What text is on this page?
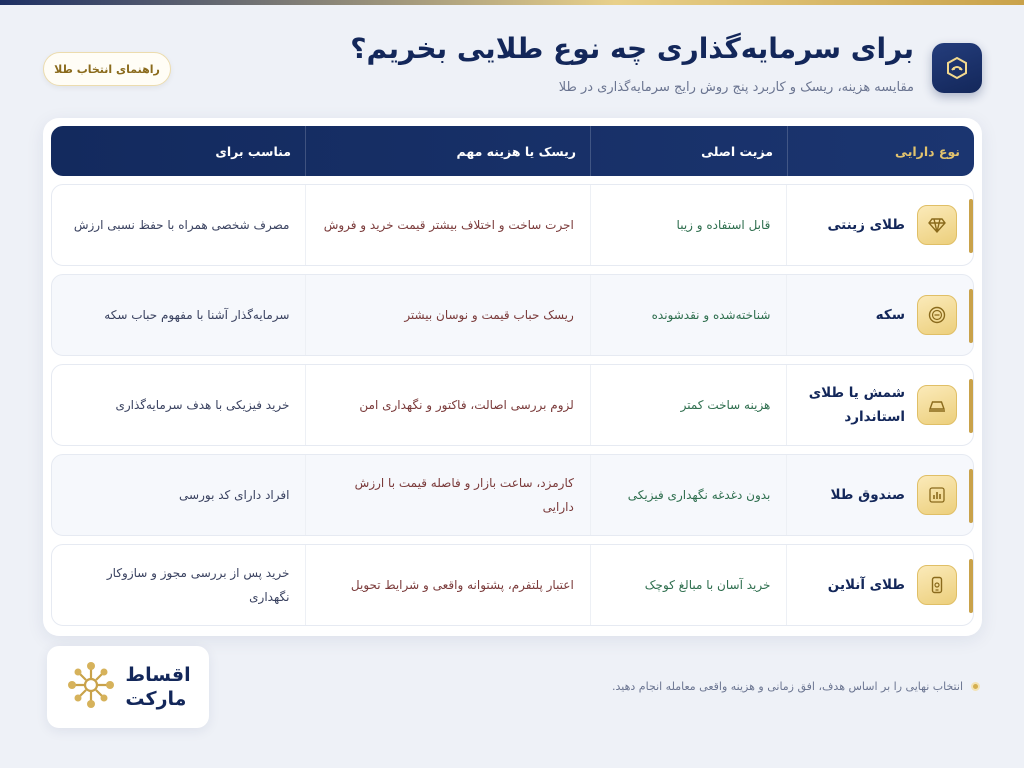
برای سرمایه‌گذاری چه نوع طلایی بخریم؟

مقایسه هزینه، ریسک و کاربرد پنج روش رایج سرمایه‌گذاری در طلا

راهنمای انتخاب طلا
نوع دارایی
مزیت اصلی
ریسک یا هزینه مهم
مناسب برای
طلای زینتی
قابل استفاده و زیبا
اجرت ساخت و اختلاف بیشتر قیمت خرید و فروش
مصرف شخصی همراه با حفظ نسبی ارزش
سکه
شناخته‌شده و نقدشونده
ریسک حباب قیمت و نوسان بیشتر
سرمایه‌گذار آشنا با مفهوم حباب سکه
شمش یا طلای استاندارد
هزینه ساخت کمتر
لزوم بررسی اصالت، فاکتور و نگهداری امن
خرید فیزیکی با هدف سرمایه‌گذاری
صندوق طلا
بدون دغدغه نگهداری فیزیکی
کارمزد، ساعت بازار و فاصله قیمت با ارزش دارایی
افراد دارای کد بورسی
طلای آنلاین
خرید آسان با مبالغ کوچک
اعتبار پلتفرم، پشتوانه واقعی و شرایط تحویل
خرید پس از بررسی مجوز و سازوکار نگهداری
انتخاب نهایی را بر اساس هدف، افق زمانی و هزینه واقعی معامله انجام دهید.
اقساط
مارکت
